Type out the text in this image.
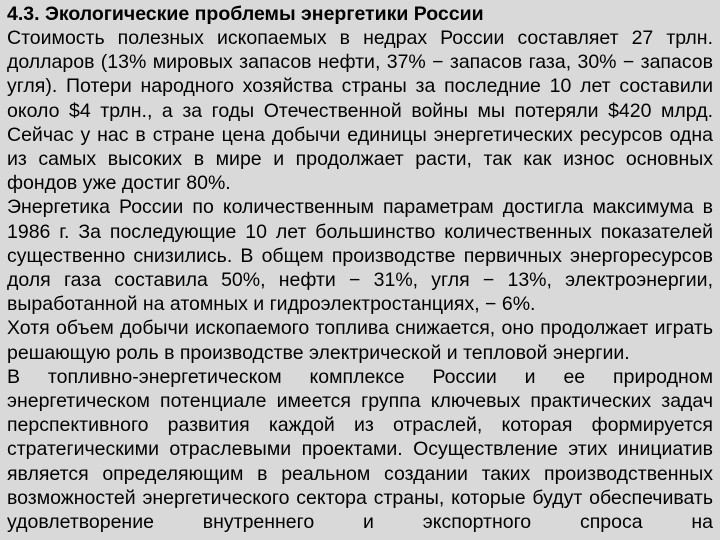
4.3. Экологические проблемы энергетики России

Стоимость полезных ископаемых в недрах России составляет 27 трлн. долларов (13% мировых запасов нефти, 37% − запасов газа, 30% − запасов угля). Потери народного хозяйства страны за последние 10 лет составили около $4 трлн., а за годы Отечественной войны мы потеряли $420 млрд. Сейчас у нас в стране цена добычи единицы энергетических ресурсов одна из самых высоких в мире и продолжает расти, так как износ основных фондов уже достиг 80%.

Энергетика России по количественным параметрам достигла максимума в 1986 г. За последующие 10 лет большинство количественных показателей существенно снизились. В общем производстве первичных энергоресурсов доля газа составила 50%, нефти − 31%, угля − 13%, электроэнергии, выработанной на атомных и гидроэлектростанциях, − 6%.

Хотя объем добычи ископаемого топлива снижается, оно продолжает играть решающую роль в производстве электрической и тепловой энергии.

В топливно-энергетическом комплексе России и ее природном энергетическом потенциале имеется группа ключевых практических задач перспективного развития каждой из отраслей, которая формируется стратегическими отраслевыми проектами. Осуществление этих инициатив является определяющим в реальном создании таких производственных возможностей энергетического сектора страны, которые будут обеспечивать удовлетворение внутреннего и экспортного спроса на
